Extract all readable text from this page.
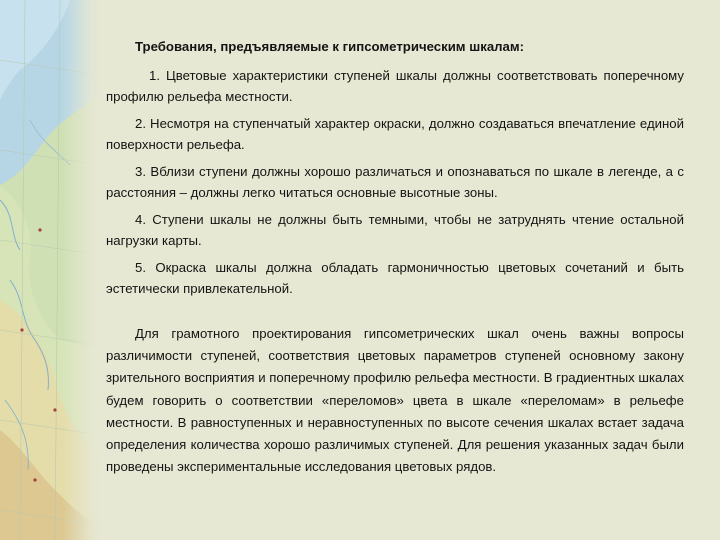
Требования, предъявляемые к гипсометрическим шкалам:

1. Цветовые характеристики ступеней шкалы должны соответствовать поперечному профилю рельефа местности.

2. Несмотря на ступенчатый характер окраски, должно создаваться впечатление единой поверхности рельефа.

3. Вблизи ступени должны хорошо различаться и опознаваться по шкале в легенде, а с расстояния – должны легко читаться основные высотные зоны.

4. Ступени шкалы не должны быть темными, чтобы не затруднять чтение остальной нагрузки карты.

5. Окраска шкалы должна обладать гармоничностью цветовых сочетаний и быть эстетически привлекательной.

Для грамотного проектирования гипсометрических шкал очень важны вопросы различимости ступеней, соответствия цветовых параметров ступеней основному закону зрительного восприятия и поперечному профилю рельефа местности. В градиентных шкалах будем говорить о соответствии «переломов» цвета в шкале «переломам» в рельефе местности. В равноступенных и неравноступенных по высоте сечения шкалах встает задача определения количества хорошо различимых ступеней. Для решения указанных задач были проведены экспериментальные исследования цветовых рядов.
